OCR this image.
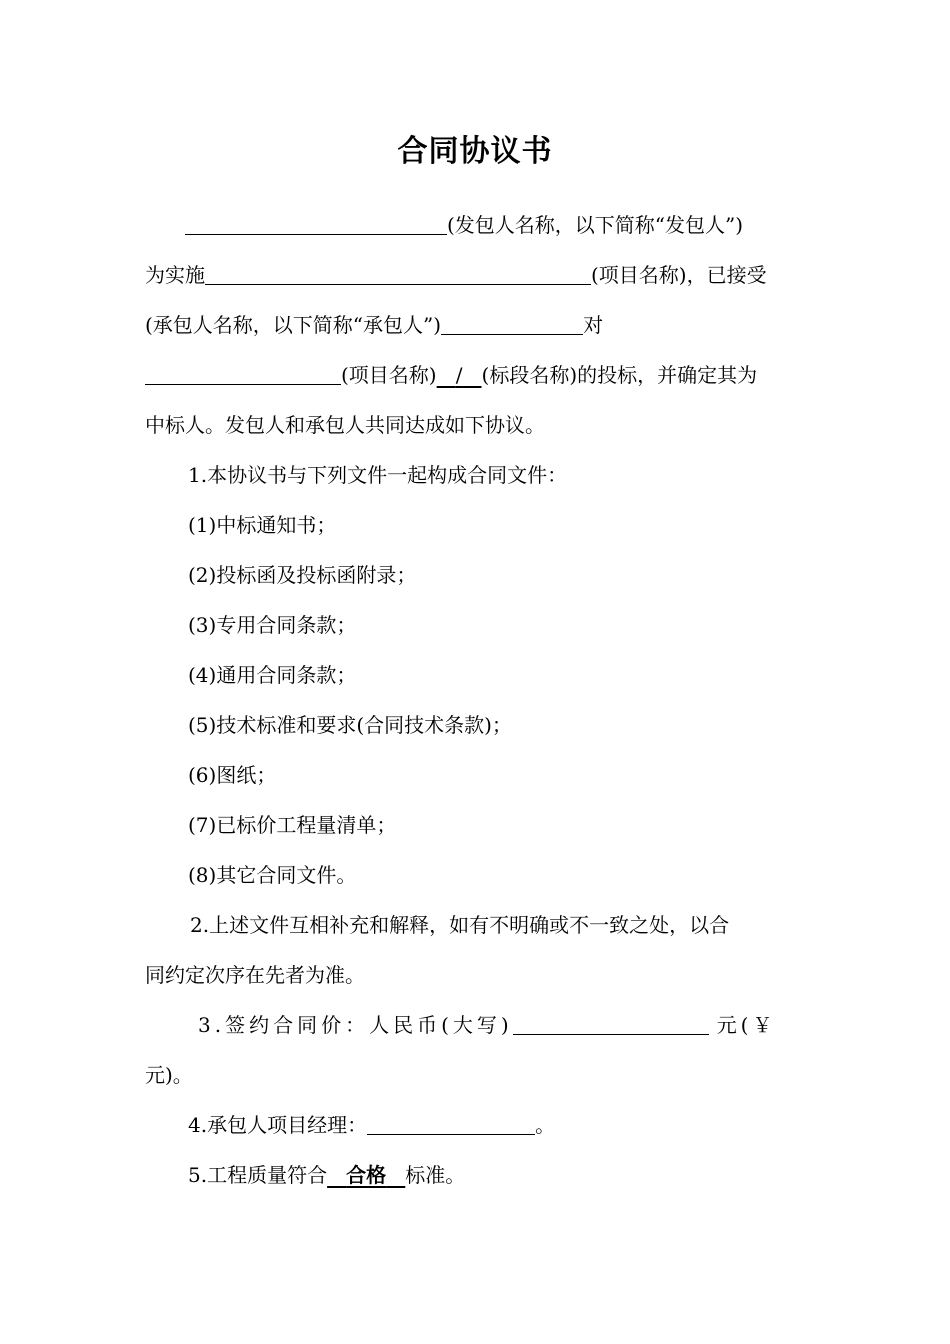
合同协议书
(发包人名称，以下简称“发包人”)
为实施	(项目名称)，已接受
(承包人名称，以下简称“承包人”)	对
(项目名称) / (标段名称)的投标，并确定其为
中标人。发包人和承包人共同达成如下协议。
1.本协议书与下列文件一起构成合同文件：
(1)中标通知书；
(2)投标函及投标函附录；
(3)专用合同条款；
(4)通用合同条款；
(5)技术标准和要求(合同技术条款)；
(6)图纸；
(7)已标价工程量清单；
(8)其它合同文件。
2.上述文件互相补充和解释，如有不明确或不一致之处，以合
同约定次序在先者为准。
3.签约合同价：人民币(大写)	元(￥
元)。
4.承包人项目经理：	。
5.工程质量符合 合格 标准。
